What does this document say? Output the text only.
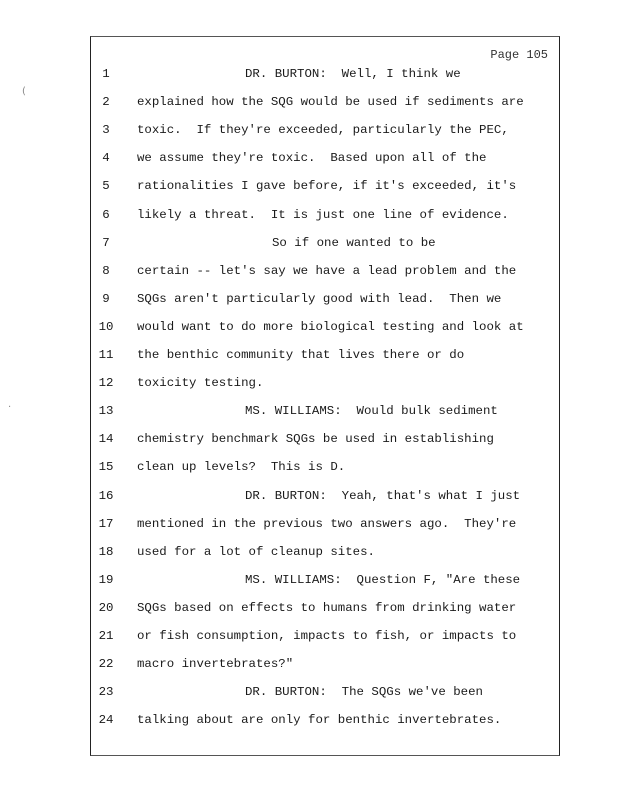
Page 105
1	DR. BURTON:  Well, I think we
2	explained how the SQG would be used if sediments are
3	toxic.  If they're exceeded, particularly the PEC,
4	we assume they're toxic.  Based upon all of the
5	rationalities I gave before, if it's exceeded, it's
6	likely a threat.  It is just one line of evidence.
7	So if one wanted to be
8	certain -- let's say we have a lead problem and the
9	SQGs aren't particularly good with lead.  Then we
10 would want to do more biological testing and look at
11 the benthic community that lives there or do
12 toxicity testing.
13	MS. WILLIAMS:  Would bulk sediment
14 chemistry benchmark SQGs be used in establishing
15 clean up levels?  This is D.
16	DR. BURTON:  Yeah, that's what I just
17 mentioned in the previous two answers ago.  They're
18 used for a lot of cleanup sites.
19	MS. WILLIAMS:  Question F, "Are these
20 SQGs based on effects to humans from drinking water
21 or fish consumption, impacts to fish, or impacts to
22 macro invertebrates?"
23	DR. BURTON:  The SQGs we've been
24 talking about are only for benthic invertebrates.
(
·
